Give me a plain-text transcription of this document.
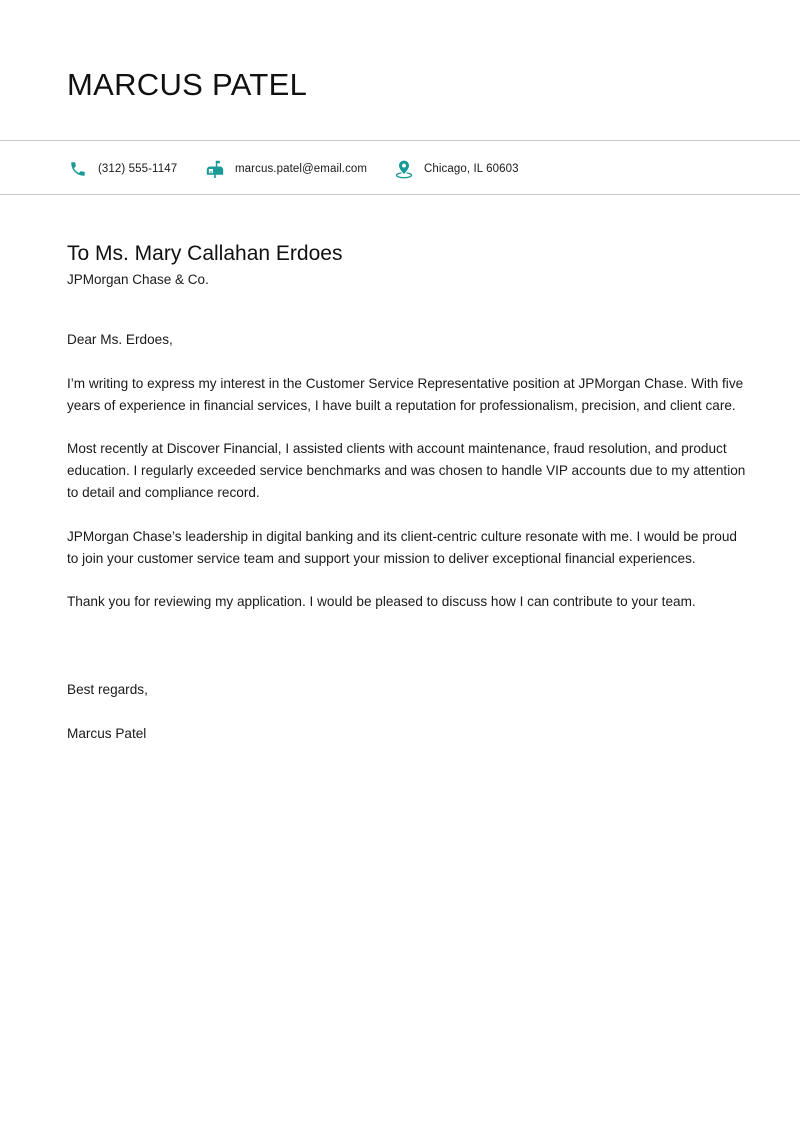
MARCUS PATEL
(312) 555-1147	marcus.patel@email.com	Chicago, IL 60603
To Ms. Mary Callahan Erdoes
JPMorgan Chase & Co.

Dear Ms. Erdoes,

I’m writing to express my interest in the Customer Service Representative position at JPMorgan Chase. With five years of experience in financial services, I have built a reputation for professionalism, precision, and client care.

Most recently at Discover Financial, I assisted clients with account maintenance, fraud resolution, and product education. I regularly exceeded service benchmarks and was chosen to handle VIP accounts due to my attention to detail and compliance record.

JPMorgan Chase’s leadership in digital banking and its client-centric culture resonate with me. I would be proud to join your customer service team and support your mission to deliver exceptional financial experiences.

Thank you for reviewing my application. I would be pleased to discuss how I can contribute to your team.

Best regards,

Marcus Patel
